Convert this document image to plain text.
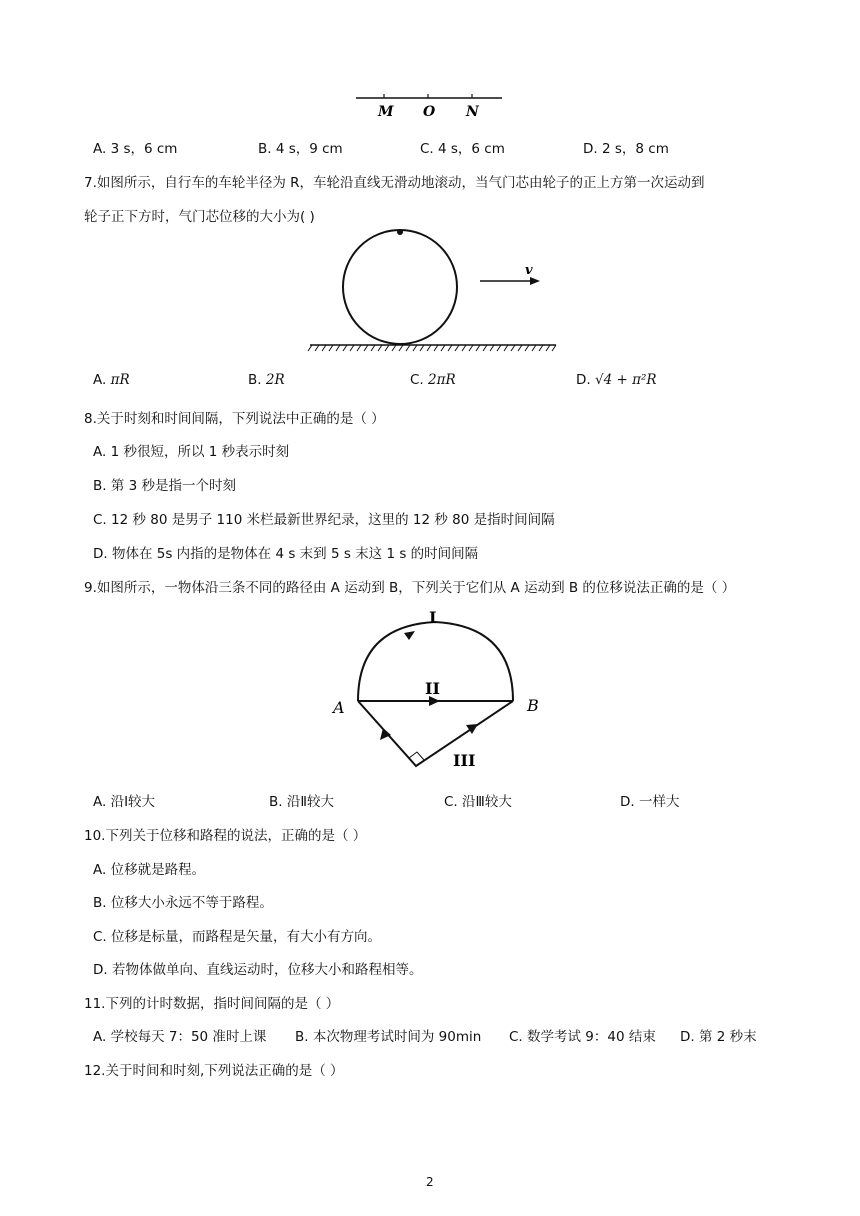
M O N
A. 3 s，6 cm	B. 4 s，9 cm	C. 4 s，6 cm	D. 2 s，8 cm
7.如图所示，自行车的车轮半径为 R，车轮沿直线无滑动地滚动，当气门芯由轮子的正上方第一次运动到
轮子正下方时，气门芯位移的大小为( )
v
A. πR	B. 2R	C. 2πR	D. √4 + π²R
8.关于时刻和时间间隔，下列说法中正确的是（ ）
A. 1 秒很短，所以 1 秒表示时刻
B. 第 3 秒是指一个时刻
C. 12 秒 80 是男子 110 米栏最新世界纪录，这里的 12 秒 80 是指时间间隔
D. 物体在 5s 内指的是物体在 4 s 末到 5 s 末这 1 s 的时间间隔
9.如图所示，一物体沿三条不同的路径由 A 运动到 B，下列关于它们从 A 运动到 B 的位移说法正确的是（ ）
A	B
I
II
III
A. 沿Ⅰ较大	B. 沿Ⅱ较大	C. 沿Ⅲ较大	D. 一样大
10.下列关于位移和路程的说法，正确的是（ ）
A. 位移就是路程。
B. 位移大小永远不等于路程。
C. 位移是标量，而路程是矢量，有大小有方向。
D. 若物体做单向、直线运动时，位移大小和路程相等。
11.下列的计时数据，指时间间隔的是（ ）
A. 学校每天 7：50 准时上课 B. 本次物理考试时间为 90min C. 数学考试 9：40 结束 D. 第 2 秒末
12.关于时间和时刻,下列说法正确的是（ ）
2
